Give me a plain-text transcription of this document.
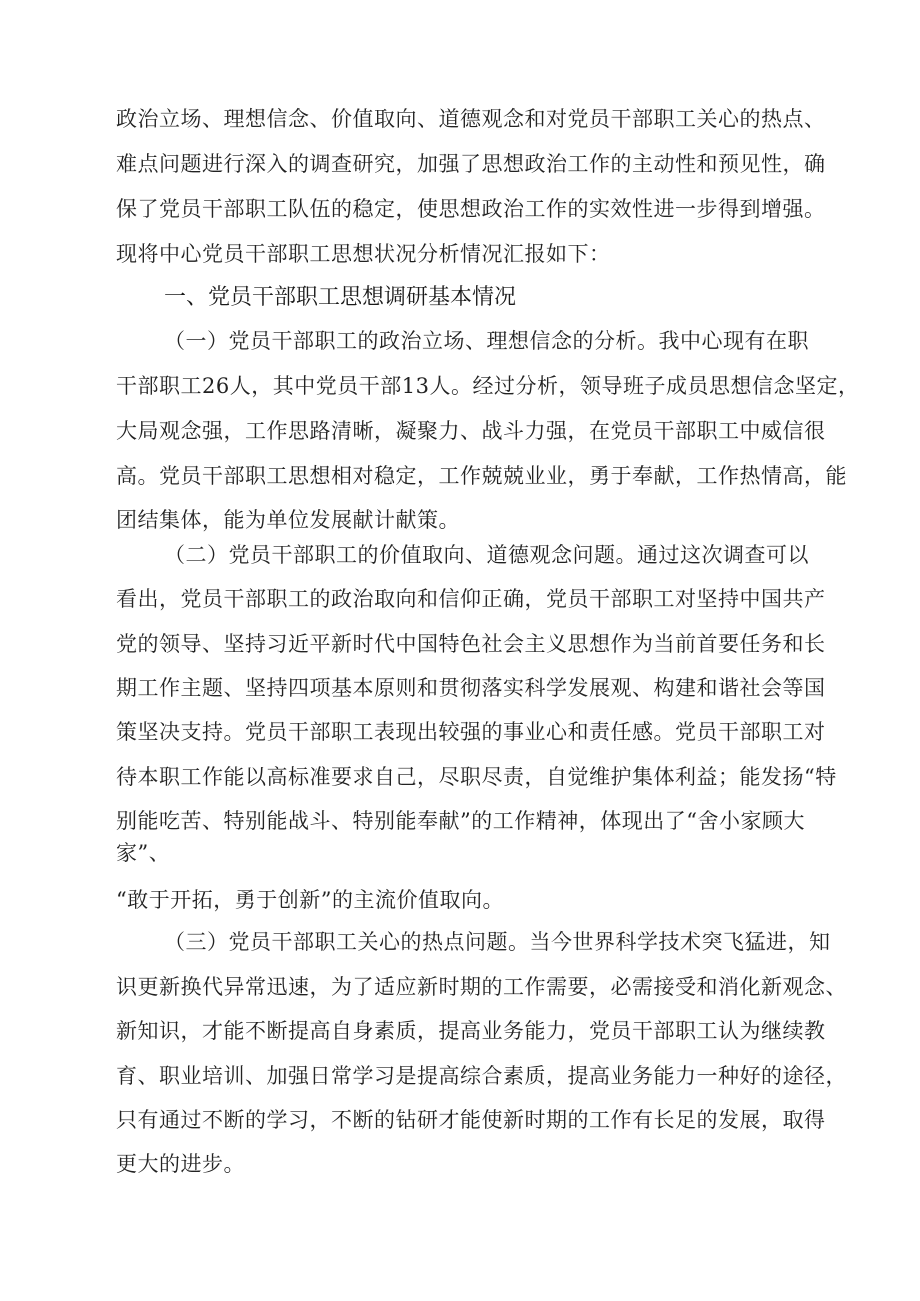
政治立场、理想信念、价值取向、道德观念和对党员干部职工关心的热点、

难点问题进行深入的调查研究，加强了思想政治工作的主动性和预见性，确

保了党员干部职工队伍的稳定，使思想政治工作的实效性进一步得到增强。

现将中心党员干部职工思想状况分析情况汇报如下：

一、党员干部职工思想调研基本情况

（一）党员干部职工的政治立场、理想信念的分析。我中心现有在职

干部职工26人，其中党员干部13人。经过分析，领导班子成员思想信念坚定，

大局观念强，工作思路清晰，凝聚力、战斗力强，在党员干部职工中威信很

高。党员干部职工思想相对稳定，工作兢兢业业，勇于奉献，工作热情高，能

团结集体，能为单位发展献计献策。

（二）党员干部职工的价值取向、道德观念问题。通过这次调查可以

看出，党员干部职工的政治取向和信仰正确，党员干部职工对坚持中国共产

党的领导、坚持习近平新时代中国特色社会主义思想作为当前首要任务和长

期工作主题、坚持四项基本原则和贯彻落实科学发展观、构建和谐社会等国

策坚决支持。党员干部职工表现出较强的事业心和责任感。党员干部职工对

待本职工作能以高标准要求自己，尽职尽责，自觉维护集体利益；能发扬“特

别能吃苦、特别能战斗、特别能奉献”的工作精神，体现出了“舍小家顾大

家”、

“敢于开拓，勇于创新”的主流价值取向。

（三）党员干部职工关心的热点问题。当今世界科学技术突飞猛进，知

识更新换代异常迅速，为了适应新时期的工作需要，必需接受和消化新观念、

新知识，才能不断提高自身素质，提高业务能力，党员干部职工认为继续教

育、职业培训、加强日常学习是提高综合素质，提高业务能力一种好的途径，

只有通过不断的学习，不断的钻研才能使新时期的工作有长足的发展，取得

更大的进步。
